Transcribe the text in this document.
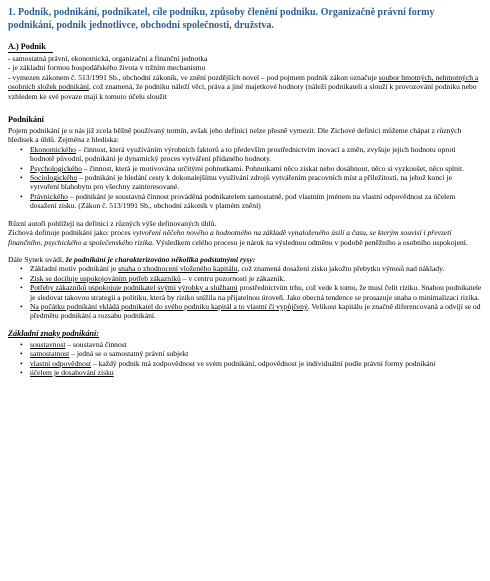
1. Podnik, podnikání, podnikatel, cíle podniku, způsoby členění podniku. Organizačně právní formy podnikání, podnik jednotlivce, obchodní společnosti, družstva.
A.) Podnik

- samostatná právní, ekonomická, organizační a finanční jednotka

- je základní formou hospodářského života v tržním mechanismu

- vymezen zákonem č. 513/1991 Sb., obchodní zákoník, ve znění pozdějších novel – pod pojmem podnik zákon označuje soubor hmotných, nehmotných a osobních složek podnikání, což znamená, že podniku náleží věci, práva a jiné majetkové hodnoty (náleží podnikateli a slouží k provozování podniku nebo vzhledem ke své povaze mají k tomuto účelu sloužit

Podnikání

Pojem podnikání je u nás již zcela běžně používaný termín, avšak jeho definici nelze přesně vymezit. Dle Zichové definici můžeme chápat z různých hledisek a úhlů. Zejména z hlediska:

• Ekonomického – činnost, která využíváním výrobních faktorů a to především prostřednictvím inovací a změn, zvyšuje jejich hodnotu oproti hodnotě původní, podnikání je dynamický proces vytváření přidaného hodnoty.
• Psychologického – činnost, která je motivována určitými pohnutkami. Pohnutkami něco získat nebo dosáhnout, něco si vyzkoušet, něco splnit.
• Sociologického – podnikání je hledání cesty k dokonalejšímu využívání zdrojů vytvářením pracovních míst a příležitostí, na jehož konci je vytvoření blahobytu pro všechny zainteresované.
• Právnického – podnikání je soustavná činnost prováděná podnikatelem samostatně, pod vlastním jménem na vlastní odpovědnost za účelem dosažení zisku. (Zákon č. 513/1991 Sb., obchodní zákoník v platném znění)

Různí autoři pohlížejí na definici z různých výše definovaných úhlů.

Zichová definuje podnikání jako: proces vytvoření něčeho nového a hodnotného na základě vynaloženého úsilí a času, se kterým souvisí i převzetí finančního, psychického a společenského rizika. Výsledkem celého procesu je nárok na výslednou odměnu v podobě peněžního a osobního uspokojení.

Dále Synek uvádí, že podnikání je charakterizováno několika podstatnými rysy:

• Základní motiv podnikání je snaha o zhodnocení vloženého kapitálu, což znamená dosažení zisku jakožto přebytku výnosů nad náklady.
• Zisk se dociluje uspokojováním potřeb zákazníků – v centru pozornosti je zákazník.
• Potřeby zákazníků uspokojuje podnikatel svými výrobky a službami prostřednictvím trhu, což vede k tomu, že musí čelit riziku. Snahou podnikatele je sledovat takovou strategii a politiku, která by riziko snížila na přijatelnou úroveň. Jako obecná tendence se prosazuje snaha o minimalizaci rizika.
• Na počátku podnikání vkládá podnikatel do svého podniku kapitál a to vlastní či vypůjčený. Velikost kapitálu je značně diferencovaná a odvíjí se od předmětu podnikání a rozsahu podnikání.
Základní znaky podnikání:
• soustavnost – soustavná činnost
• samostatnost – jedná se o samostatný právní subjekt
• vlastní odpovědnost – každý podnik má zodpovědnost ve svém podnikání, odpovědnost je individuální podle právní formy podnikání
• účelem je dosahování zisku
